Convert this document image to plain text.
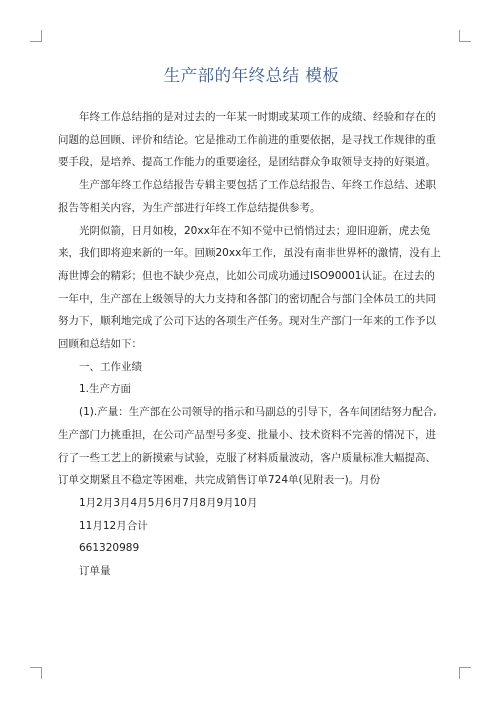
生产部的年终总结 模板

年终工作总结指的是对过去的一年某一时期或某项工作的成绩、经验和存在的问题的总回顾、评价和结论。它是推动工作前进的重要依据，是寻找工作规律的重要手段，是培养、提高工作能力的重要途径，是团结群众争取领导支持的好渠道。

生产部年终工作总结报告专辑主要包括了工作总结报告、年终工作总结、述职报告等相关内容，为生产部进行年终工作总结提供参考。

光阴似箭，日月如梭，20xx年在不知不觉中已悄悄过去；迎旧迎新，虎去兔来，我们即将迎来新的一年。回顾20xx年工作，虽没有南非世界杯的激情，没有上海世博会的精彩；但也不缺少亮点，比如公司成功通过ISO90001认证。在过去的一年中，生产部在上级领导的大力支持和各部门的密切配合与部门全体员工的共同努力下，顺利地完成了公司下达的各项生产任务。现对生产部门一年来的工作予以回顾和总结如下：

一、工作业绩

1.生产方面

(1).产量：生产部在公司领导的指示和马副总的引导下，各车间团结努力配合,生产部门力挑重担，在公司产品型号多变、批量小、技术资料不完善的情况下，进行了一些工艺上的新摸索与试验，克服了材料质量波动，客户质量标准大幅提高、订单交期紧且不稳定等困难，共完成销售订单724单(见附表一)。月份

1月2月3月4月5月6月7月8月9月10月

11月12月合计

661320989

订单量
